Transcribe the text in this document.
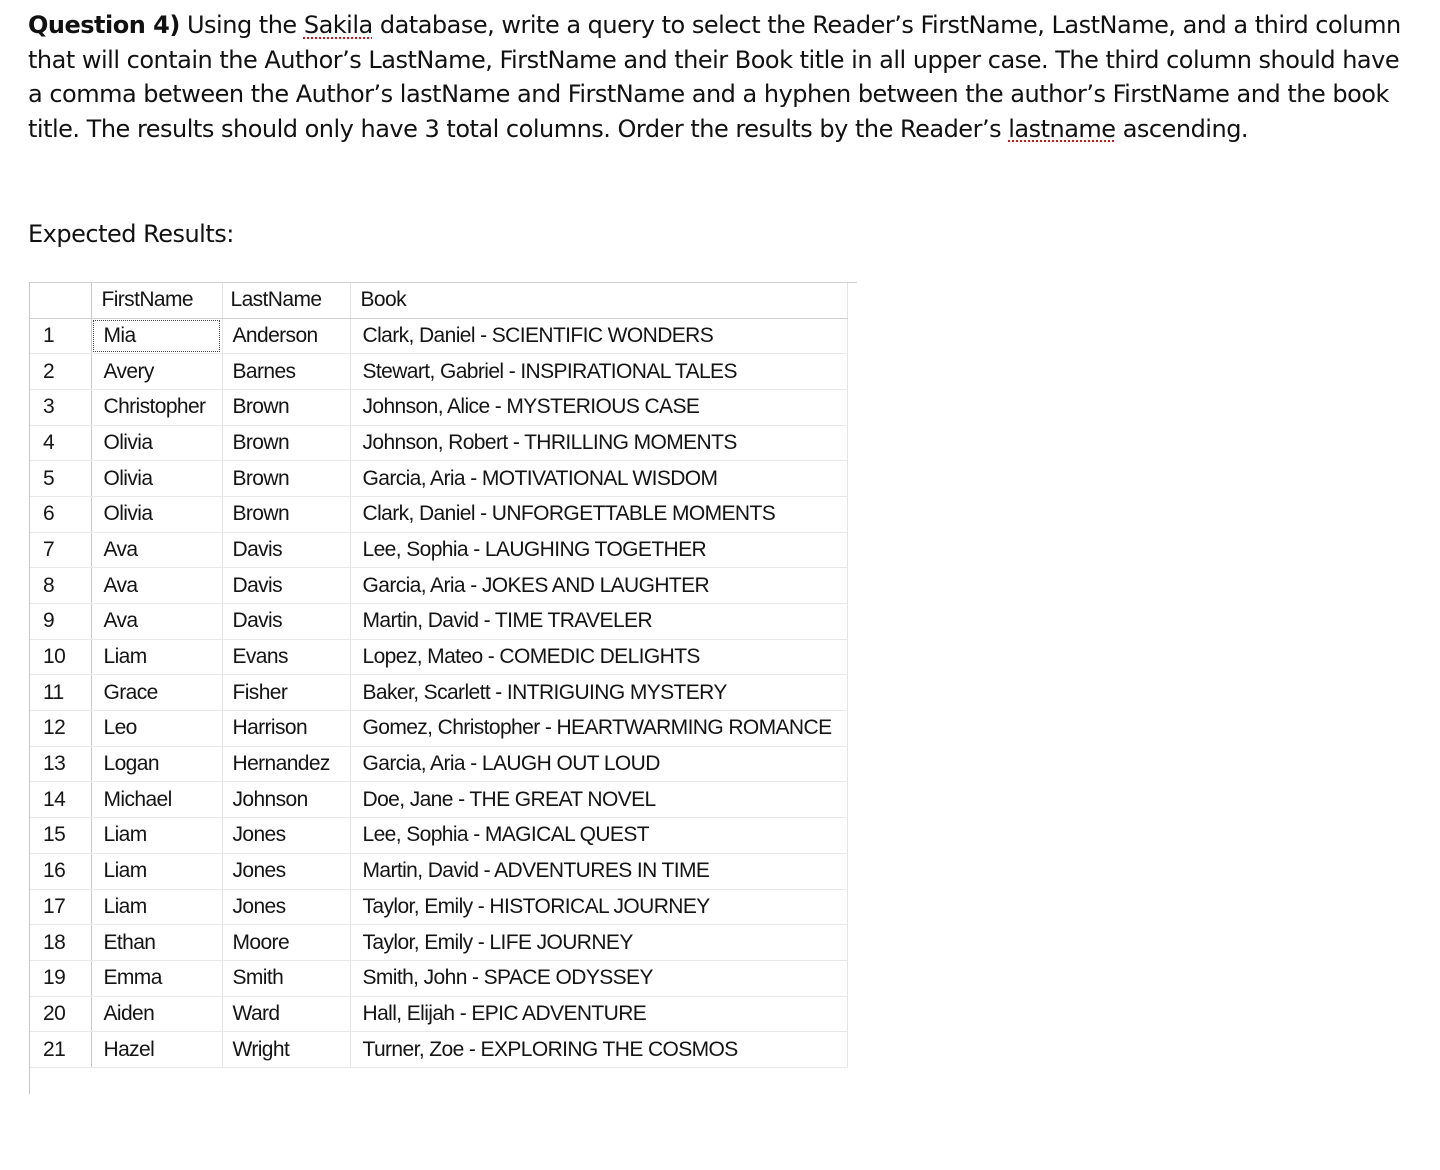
Question 4) Using the Sakila database, write a query to select the Reader’s FirstName, LastName, and a third column that will contain the Author’s LastName, FirstName and their Book title in all upper case. The third column should have a comma between the Author’s lastName and FirstName and a hyphen between the author’s FirstName and the book title. The results should only have 3 total columns. Order the results by the Reader’s lastname ascending.
Expected Results:
	FirstName	LastName	Book
1	Mia	Anderson	Clark, Daniel - SCIENTIFIC WONDERS
2	Avery	Barnes	Stewart, Gabriel - INSPIRATIONAL TALES
3	Christopher	Brown	Johnson, Alice - MYSTERIOUS CASE
4	Olivia	Brown	Johnson, Robert - THRILLING MOMENTS
5	Olivia	Brown	Garcia, Aria - MOTIVATIONAL WISDOM
6	Olivia	Brown	Clark, Daniel - UNFORGETTABLE MOMENTS
7	Ava	Davis	Lee, Sophia - LAUGHING TOGETHER
8	Ava	Davis	Garcia, Aria - JOKES AND LAUGHTER
9	Ava	Davis	Martin, David - TIME TRAVELER
10	Liam	Evans	Lopez, Mateo - COMEDIC DELIGHTS
11	Grace	Fisher	Baker, Scarlett - INTRIGUING MYSTERY
12	Leo	Harrison	Gomez, Christopher - HEARTWARMING ROMANCE
13	Logan	Hernandez	Garcia, Aria - LAUGH OUT LOUD
14	Michael	Johnson	Doe, Jane - THE GREAT NOVEL
15	Liam	Jones	Lee, Sophia - MAGICAL QUEST
16	Liam	Jones	Martin, David - ADVENTURES IN TIME
17	Liam	Jones	Taylor, Emily - HISTORICAL JOURNEY
18	Ethan	Moore	Taylor, Emily - LIFE JOURNEY
19	Emma	Smith	Smith, John - SPACE ODYSSEY
20	Aiden	Ward	Hall, Elijah - EPIC ADVENTURE
21	Hazel	Wright	Turner, Zoe - EXPLORING THE COSMOS
